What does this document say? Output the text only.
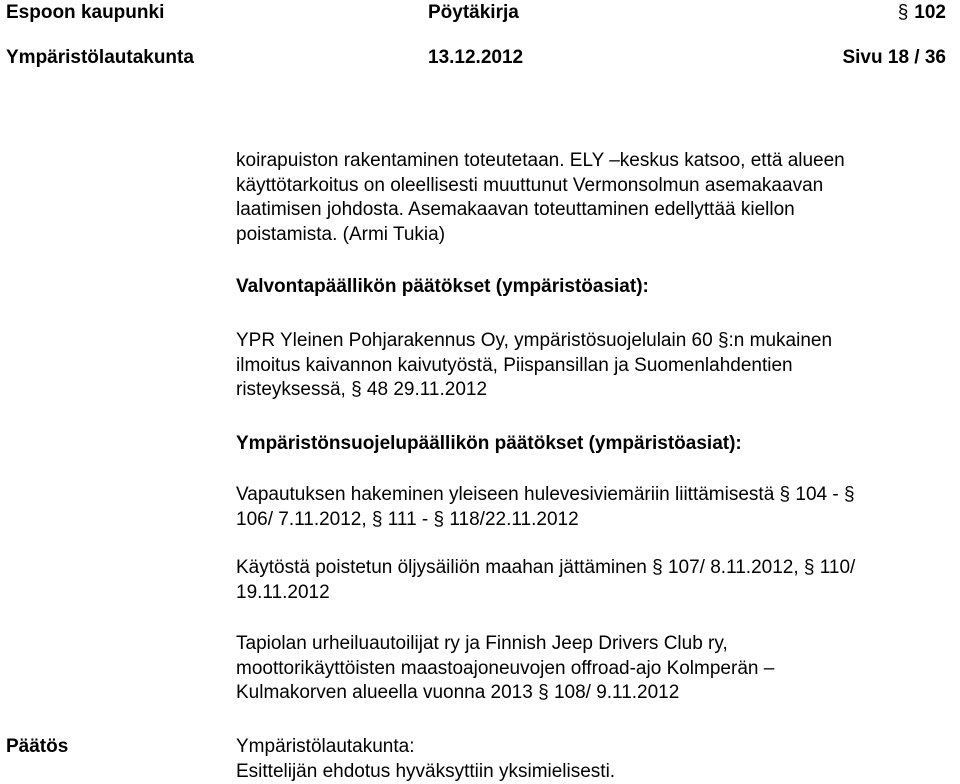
Espoon kaupunki	Pöytäkirja	§ 102
Ympäristölautakunta	13.12.2012	Sivu 18 / 36

koirapuiston rakentaminen toteutetaan. ELY –keskus katsoo, että alueen

käyttötarkoitus on oleellisesti muuttunut Vermonsolmun asemakaavan

laatimisen johdosta. Asemakaavan toteuttaminen edellyttää kiellon

poistamista. (Armi Tukia)

Valvontapäällikön päätökset (ympäristöasiat):

YPR Yleinen Pohjarakennus Oy, ympäristösuojelulain 60 §:n mukainen

ilmoitus kaivannon kaivutyöstä, Piispansillan ja Suomenlahdentien

risteyksessä, § 48 29.11.2012

Ympäristönsuojelupäällikön päätökset (ympäristöasiat):

Vapautuksen hakeminen yleiseen hulevesiviemäriin liittämisestä § 104 - §

106/ 7.11.2012, § 111 - § 118/22.11.2012

Käytöstä poistetun öljysäiliön maahan jättäminen § 107/ 8.11.2012, § 110/

19.11.2012

Tapiolan urheiluautoilijat ry ja Finnish Jeep Drivers Club ry,

moottorikäyttöisten maastoajoneuvojen offroad-ajo Kolmperän –

Kulmakorven alueella vuonna 2013 § 108/ 9.11.2012

Päätös	Ympäristölautakunta:

Esittelijän ehdotus hyväksyttiin yksimielisesti.
